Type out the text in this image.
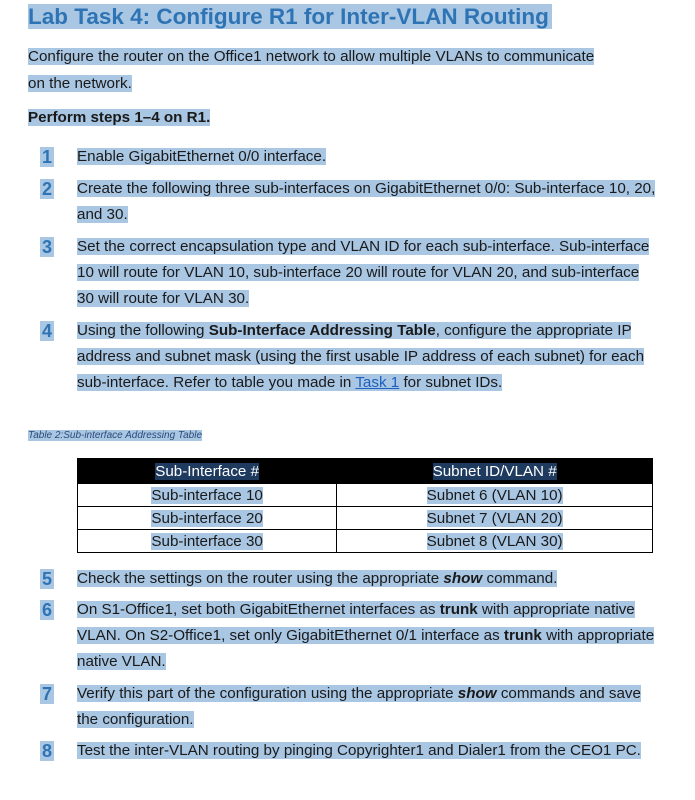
Lab Task 4: Configure R1 for Inter-VLAN Routing
Configure the router on the Office1 network to allow multiple VLANs to communicate on the network.
Perform steps 1–4 on R1.
1	Enable GigabitEthernet 0/0 interface.
2	Create the following three sub-interfaces on GigabitEthernet 0/0: Sub-interface 10, 20, and 30.
3	Set the correct encapsulation type and VLAN ID for each sub-interface. Sub-interface 10 will route for VLAN 10, sub-interface 20 will route for VLAN 20, and sub-interface 30 will route for VLAN 30.
4	Using the following Sub-Interface Addressing Table, configure the appropriate IP address and subnet mask (using the first usable IP address of each subnet) for each sub-interface. Refer to table you made in Task 1 for subnet IDs.
Table 2:Sub-interface Addressing Table
Sub-Interface #	Subnet ID/VLAN #
Sub-interface 10	Subnet 6 (VLAN 10)
Sub-interface 20	Subnet 7 (VLAN 20)
Sub-interface 30	Subnet 8 (VLAN 30)
5	Check the settings on the router using the appropriate show command.
6	On S1-Office1, set both GigabitEthernet interfaces as trunk with appropriate native VLAN. On S2-Office1, set only GigabitEthernet 0/1 interface as trunk with appropriate native VLAN.
7	Verify this part of the configuration using the appropriate show commands and save the configuration.
8	Test the inter-VLAN routing by pinging Copyrighter1 and Dialer1 from the CEO1 PC.
